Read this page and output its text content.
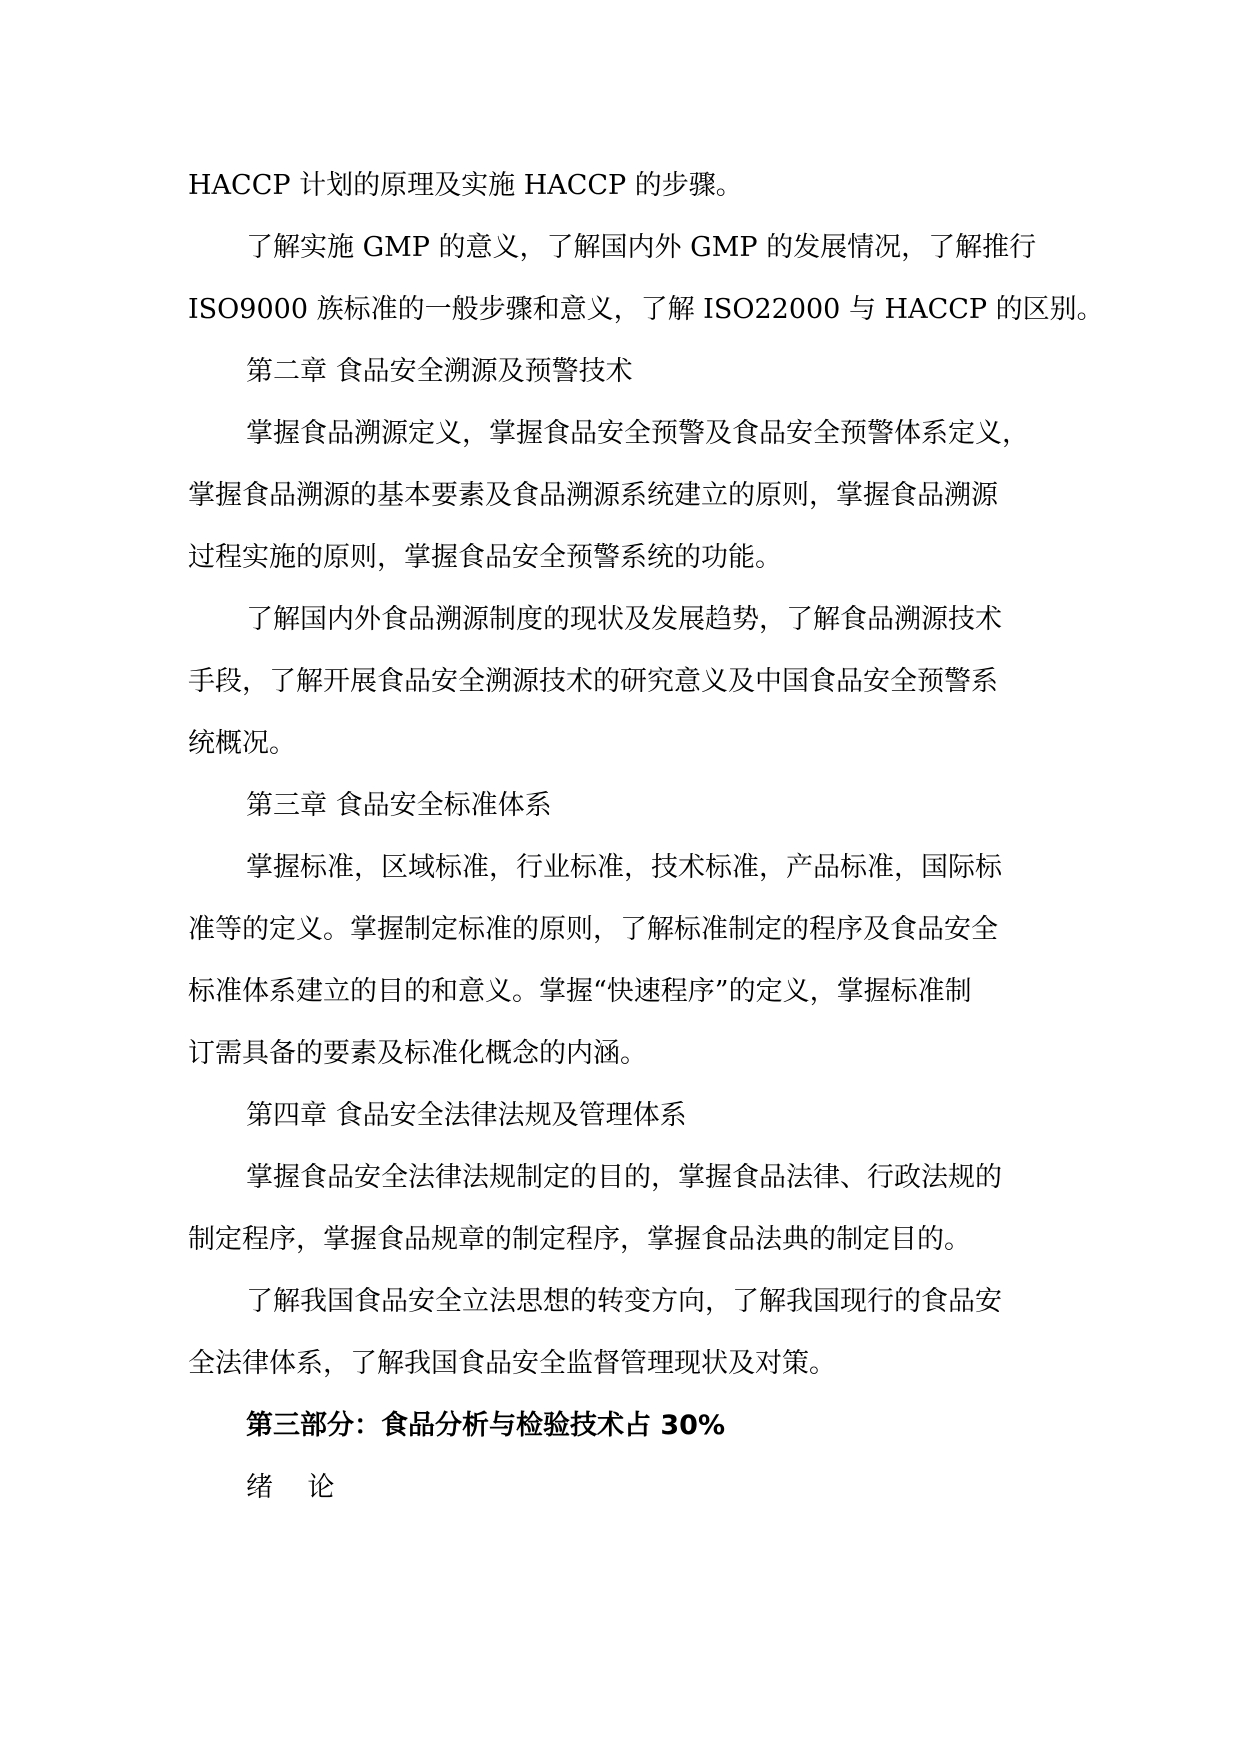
HACCP 计划的原理及实施 HACCP 的步骤。
了解实施 GMP 的意义，了解国内外 GMP 的发展情况，了解推行
ISO9000 族标准的一般步骤和意义，了解 ISO22000 与 HACCP 的区别。
第二章 食品安全溯源及预警技术
掌握食品溯源定义，掌握食品安全预警及食品安全预警体系定义，
掌握食品溯源的基本要素及食品溯源系统建立的原则，掌握食品溯源
过程实施的原则，掌握食品安全预警系统的功能。
了解国内外食品溯源制度的现状及发展趋势，了解食品溯源技术
手段，了解开展食品安全溯源技术的研究意义及中国食品安全预警系
统概况。
第三章 食品安全标准体系
掌握标准，区域标准，行业标准，技术标准，产品标准，国际标
准等的定义。掌握制定标准的原则，了解标准制定的程序及食品安全
标准体系建立的目的和意义。掌握“快速程序”的定义，掌握标准制
订需具备的要素及标准化概念的内涵。
第四章 食品安全法律法规及管理体系
掌握食品安全法律法规制定的目的，掌握食品法律、行政法规的
制定程序，掌握食品规章的制定程序，掌握食品法典的制定目的。
了解我国食品安全立法思想的转变方向，了解我国现行的食品安
全法律体系，了解我国食品安全监督管理现状及对策。
第三部分：食品分析与检验技术占 30%
绪    论
